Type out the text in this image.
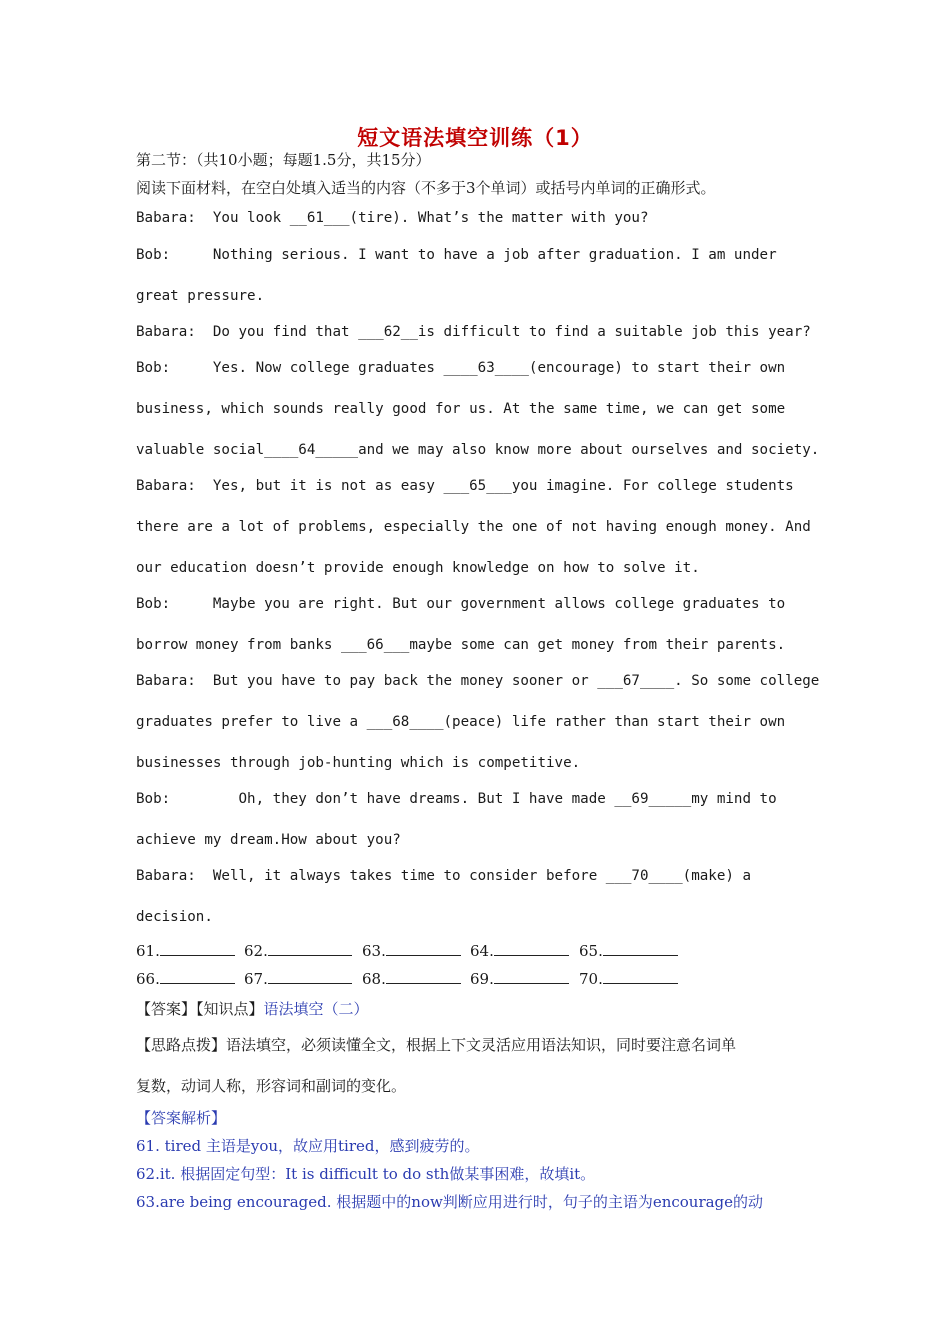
短文语法填空训练（1）
第二节：（共10小题；每题1.5分，共15分）
阅读下面材料，在空白处填入适当的内容（不多于3个单词）或括号内单词的正确形式。
Babara:  You look __61___(tire). What’s the matter with you?
Bob:     Nothing serious. I want to have a job after graduation. I am under
great pressure.
Babara:  Do you find that ___62__is difficult to find a suitable job this year?
Bob:     Yes. Now college graduates ____63____(encourage) to start their own
business, which sounds really good for us. At the same time, we can get some
valuable social____64_____and we may also know more about ourselves and society.
Babara:  Yes, but it is not as easy ___65___you imagine. For college students
there are a lot of problems, especially the one of not having enough money. And
our education doesn’t provide enough knowledge on how to solve it.
Bob:     Maybe you are right. But our government allows college graduates to
borrow money from banks ___66___maybe some can get money from their parents.
Babara:  But you have to pay back the money sooner or ___67____. So some college
graduates prefer to live a ___68____(peace) life rather than start their own
businesses through job-hunting which is competitive.
Bob:        Oh, they don’t have dreams. But I have made __69_____my mind to
achieve my dream.How about you?
Babara:  Well, it always takes time to consider before ___70____(make) a
decision.
61.	62.	63.	64.	65.
66.	67.	68.	69.	70.
【答案】【知识点】语法填空（二）
【思路点拨】语法填空，必须读懂全文，根据上下文灵活应用语法知识，同时要注意名词单
复数，动词人称，形容词和副词的变化。
【答案解析】
61. tired 主语是you，故应用tired，感到疲劳的。
62.it. 根据固定句型：It is difficult to do sth做某事困难，故填it。
63.are being encouraged. 根据题中的now判断应用进行时，句子的主语为encourage的动
